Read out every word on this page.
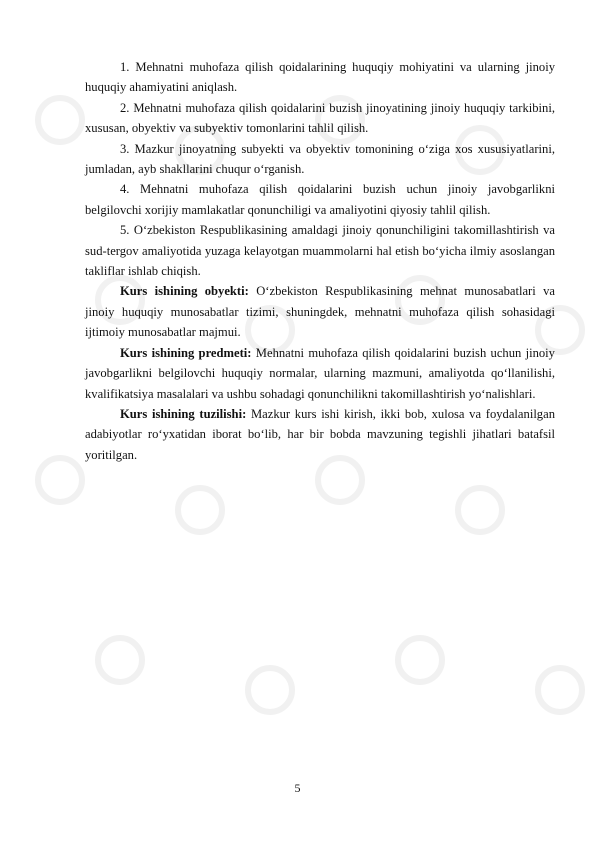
1. Mehnatni muhofaza qilish qoidalarining huquqiy mohiyatini va ularning jinoiy huquqiy ahamiyatini aniqlash.

2. Mehnatni muhofaza qilish qoidalarini buzish jinoyatining jinoiy huquqiy tarkibini, xususan, obyektiv va subyektiv tomonlarini tahlil qilish.

3. Mazkur jinoyatning subyekti va obyektiv tomonining o‘ziga xos xususiyatlarini, jumladan, ayb shakllarini chuqur o‘rganish.

4. Mehnatni muhofaza qilish qoidalarini buzish uchun jinoiy javobgarlikni belgilovchi xorijiy mamlakatlar qonunchiligi va amaliyotini qiyosiy tahlil qilish.

5. O‘zbekiston Respublikasining amaldagi jinoiy qonunchiligini takomillashtirish va sud-tergov amaliyotida yuzaga kelayotgan muammolarni hal etish bo‘yicha ilmiy asoslangan takliflar ishlab chiqish.

Kurs ishining obyekti: O‘zbekiston Respublikasining mehnat munosabatlari va jinoiy huquqiy munosabatlar tizimi, shuningdek, mehnatni muhofaza qilish sohasidagi ijtimoiy munosabatlar majmui.

Kurs ishining predmeti: Mehnatni muhofaza qilish qoidalarini buzish uchun jinoiy javobgarlikni belgilovchi huquqiy normalar, ularning mazmuni, amaliyotda qo‘llanilishi, kvalifikatsiya masalalari va ushbu sohadagi qonunchilikni takomillashtirish yo‘nalishlari.

Kurs ishining tuzilishi: Mazkur kurs ishi kirish, ikki bob, xulosa va foydalanilgan adabiyotlar ro‘yxatidan iborat bo‘lib, har bir bobda mavzuning tegishli jihatlari batafsil yoritilgan.

5
